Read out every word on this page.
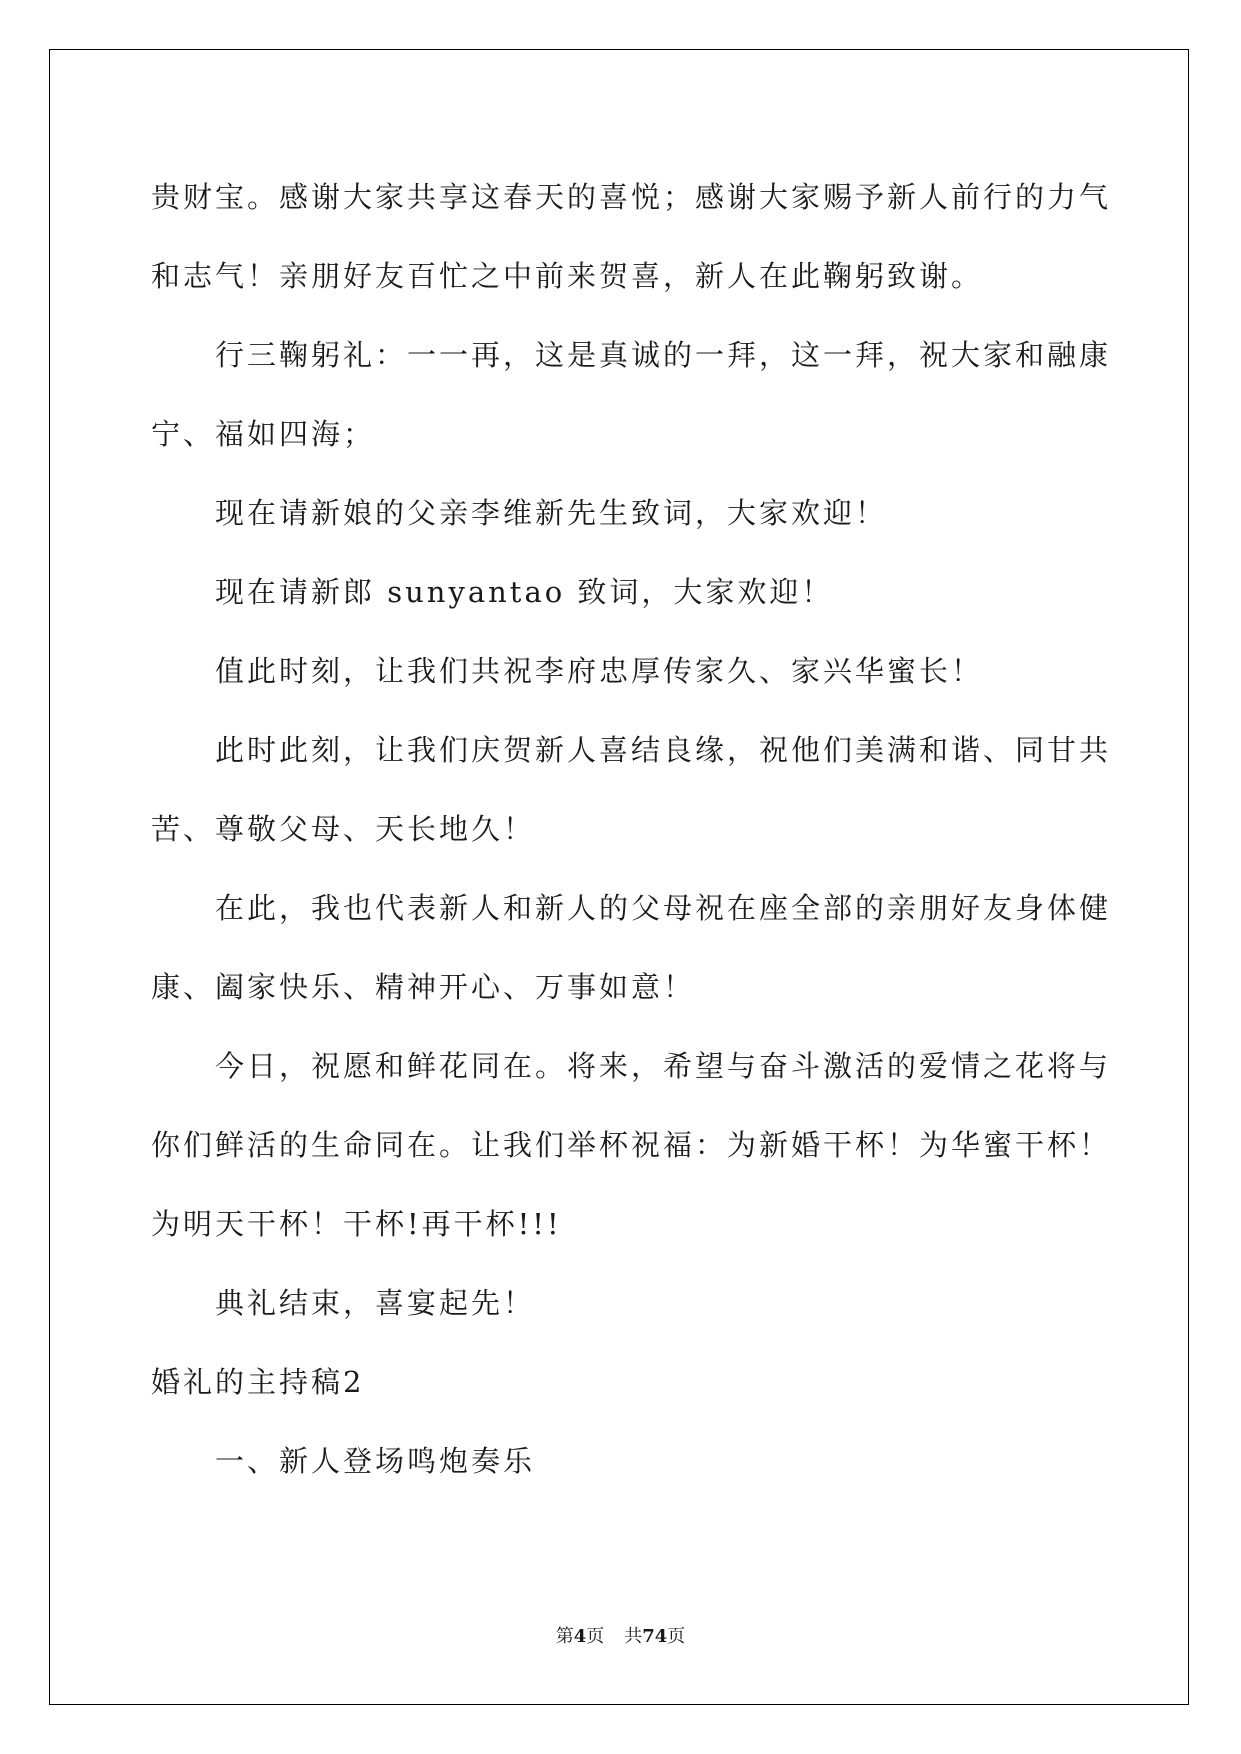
贵财宝。感谢大家共享这春天的喜悦；感谢大家赐予新人前行的力气
和志气！亲朋好友百忙之中前来贺喜，新人在此鞠躬致谢。
行三鞠躬礼：一一再，这是真诚的一拜，这一拜，祝大家和融康
宁、福如四海；
现在请新娘的父亲李维新先生致词，大家欢迎！
现在请新郎 sunyantao 致词，大家欢迎！
值此时刻，让我们共祝李府忠厚传家久、家兴华蜜长！
此时此刻，让我们庆贺新人喜结良缘，祝他们美满和谐、同甘共
苦、尊敬父母、天长地久！
在此，我也代表新人和新人的父母祝在座全部的亲朋好友身体健
康、阖家快乐、精神开心、万事如意！
今日，祝愿和鲜花同在。将来，希望与奋斗激活的爱情之花将与
你们鲜活的生命同在。让我们举杯祝福：为新婚干杯！为华蜜干杯！
为明天干杯！干杯!再干杯!!!
典礼结束，喜宴起先！
婚礼的主持稿2
一、新人登场鸣炮奏乐
第4页 共74页
